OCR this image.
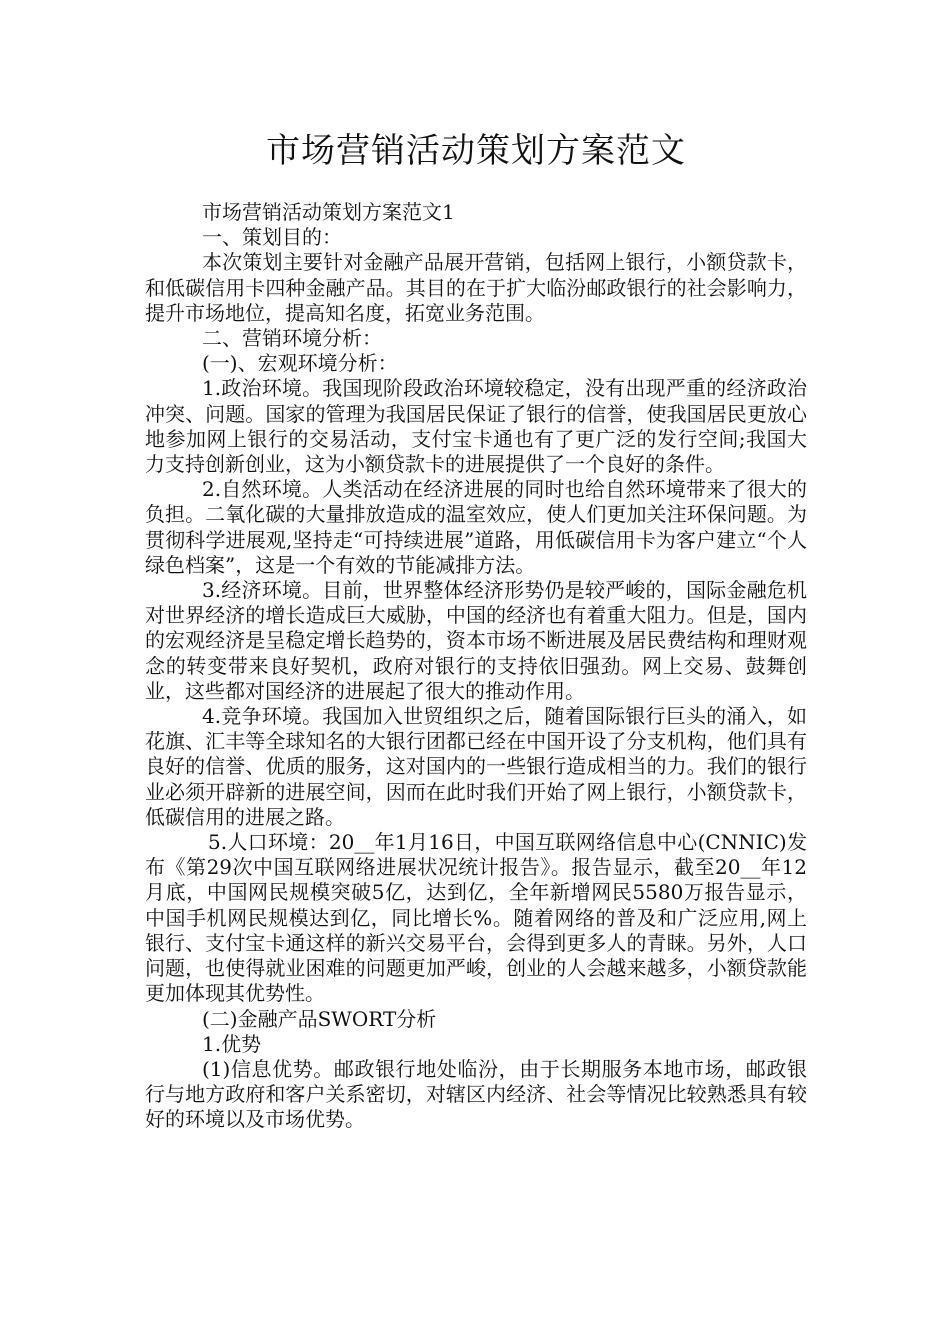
市场营销活动策划方案范文

市场营销活动策划方案范文1

一、策划目的：

本次策划主要针对金融产品展开营销，包括网上银行，小额贷款卡，和低碳信用卡四种金融产品。其目的在于扩大临汾邮政银行的社会影响力，提升市场地位，提高知名度，拓宽业务范围。

二、营销环境分析：

(一)、宏观环境分析：

1.政治环境。我国现阶段政治环境较稳定，没有出现严重的经济政治冲突、问题。国家的管理为我国居民保证了银行的信誉，使我国居民更放心地参加网上银行的交易活动，支付宝卡通也有了更广泛的发行空间;我国大力支持创新创业，这为小额贷款卡的进展提供了一个良好的条件。

2.自然环境。人类活动在经济进展的同时也给自然环境带来了很大的负担。二氧化碳的大量排放造成的温室效应，使人们更加关注环保问题。为贯彻科学进展观,坚持走“可持续进展”道路，用低碳信用卡为客户建立“个人绿色档案”，这是一个有效的节能减排方法。

3.经济环境。目前，世界整体经济形势仍是较严峻的，国际金融危机对世界经济的增长造成巨大威胁，中国的经济也有着重大阻力。但是，国内的宏观经济是呈稳定增长趋势的，资本市场不断进展及居民费结构和理财观念的转变带来良好契机，政府对银行的支持依旧强劲。网上交易、鼓舞创业，这些都对国经济的进展起了很大的推动作用。

4.竞争环境。我国加入世贸组织之后，随着国际银行巨头的涌入，如花旗、汇丰等全球知名的大银行团都已经在中国开设了分支机构，他们具有良好的信誉、优质的服务，这对国内的一些银行造成相当的力。我们的银行业必须开辟新的进展空间，因而在此时我们开始了网上银行，小额贷款卡，低碳信用的进展之路。

5.人口环境：20__年1月16日，中国互联网络信息中心(CNNIC)发布《第29次中国互联网络进展状况统计报告》。报告显示，截至20__年12月底，中国网民规模突破5亿，达到亿，全年新增网民5580万报告显示，中国手机网民规模达到亿，同比增长%。随着网络的普及和广泛应用,网上银行、支付宝卡通这样的新兴交易平台，会得到更多人的青睐。另外，人口问题，也使得就业困难的问题更加严峻，创业的人会越来越多，小额贷款能更加体现其优势性。

(二)金融产品SWORT分析

1.优势

(1)信息优势。邮政银行地处临汾，由于长期服务本地市场，邮政银行与地方政府和客户关系密切，对辖区内经济、社会等情况比较熟悉具有较好的环境以及市场优势。
